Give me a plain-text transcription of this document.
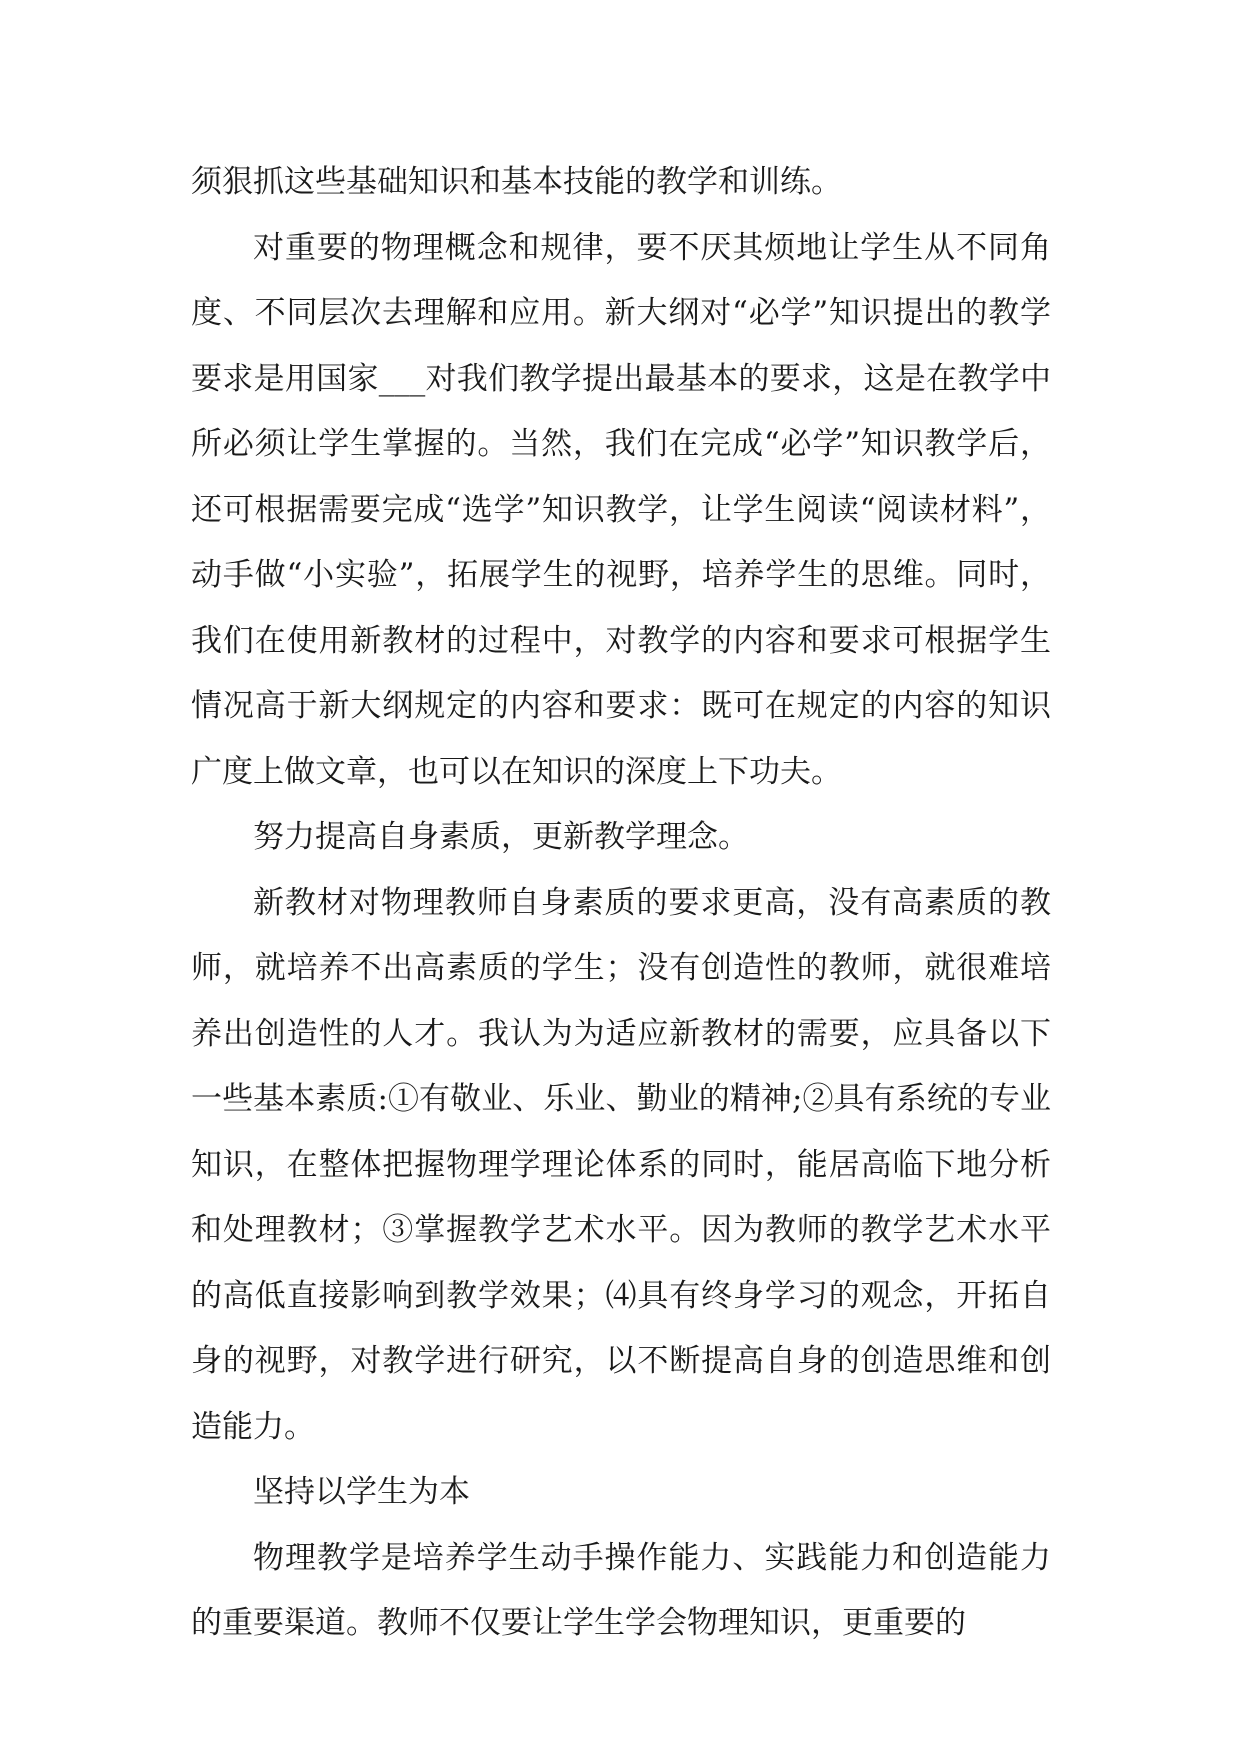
须狠抓这些基础知识和基本技能的教学和训练。

对重要的物理概念和规律，要不厌其烦地让学生从不同角度、不同层次去理解和应用。新大纲对“必学”知识提出的教学要求是用国家___对我们教学提出最基本的要求，这是在教学中所必须让学生掌握的。当然，我们在完成“必学”知识教学后，还可根据需要完成“选学”知识教学，让学生阅读“阅读材料”，动手做“小实验”，拓展学生的视野，培养学生的思维。同时，我们在使用新教材的过程中，对教学的内容和要求可根据学生情况高于新大纲规定的内容和要求：既可在规定的内容的知识广度上做文章，也可以在知识的深度上下功夫。

努力提高自身素质，更新教学理念。

新教材对物理教师自身素质的要求更高，没有高素质的教师，就培养不出高素质的学生；没有创造性的教师，就很难培养出创造性的人才。我认为为适应新教材的需要，应具备以下一些基本素质:①有敬业、乐业、勤业的精神;②具有系统的专业知识，在整体把握物理学理论体系的同时，能居高临下地分析和处理教材；③掌握教学艺术水平。因为教师的教学艺术水平的高低直接影响到教学效果；⑷具有终身学习的观念，开拓自身的视野，对教学进行研究，以不断提高自身的创造思维和创造能力。

坚持以学生为本

物理教学是培养学生动手操作能力、实践能力和创造能力的重要渠道。教师不仅要让学生学会物理知识，更重要的
